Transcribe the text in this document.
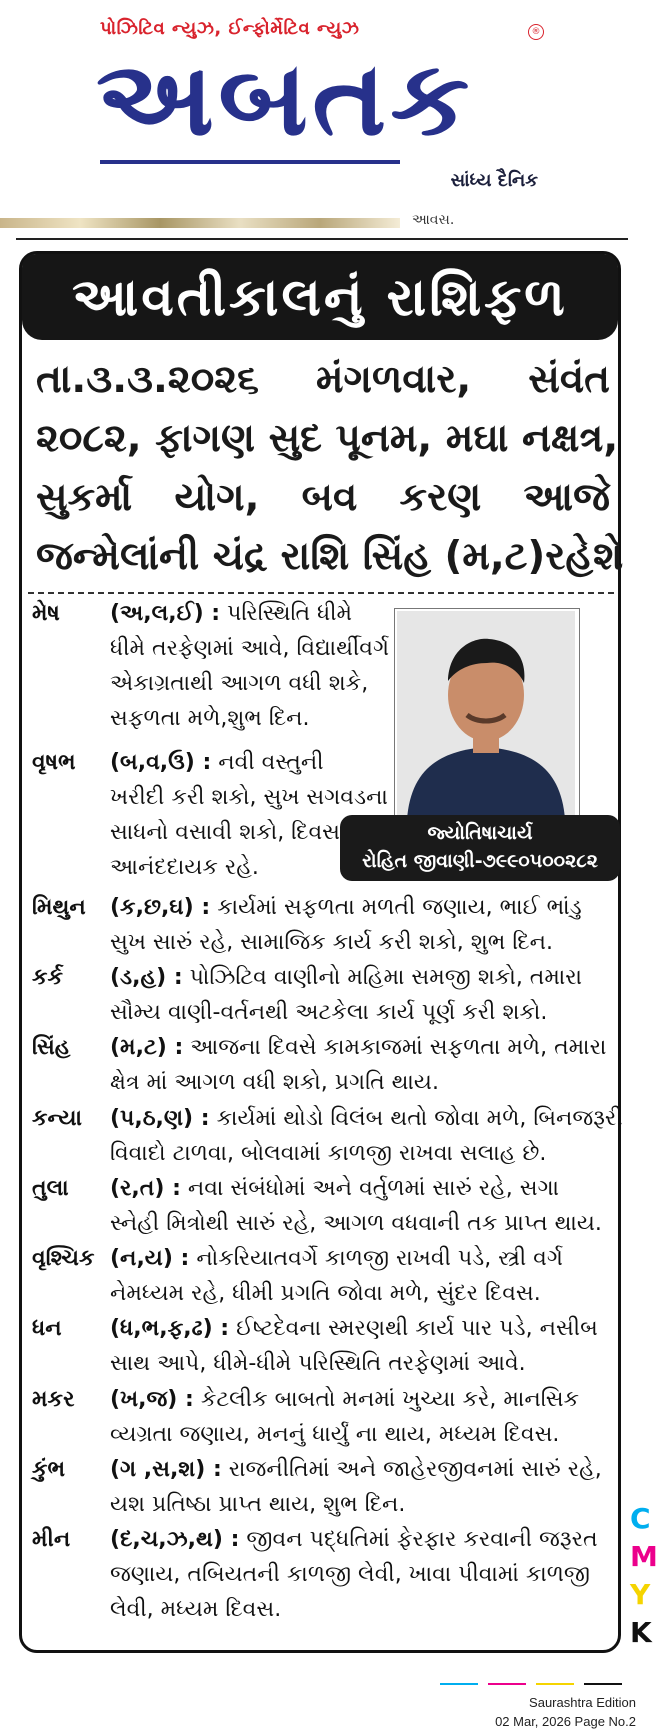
પોઝિટિવ ન્યુઝ, ઈન્ફોર્મેટિવ ન્યુઝ	®
અબતક
સાંધ્ય દૈનિક
આવસ.
આવતીકાલનું રાશિફળ
તા.૩.૩.૨૦૨૬ મંગળવાર, સંવંત
૨૦૮૨, ફાગણ સુદ પૂનમ, મઘા નક્ષત્ર,
સુકર્મા યોગ, બવ કરણ આજે
જન્મેલાંની ચંદ્ર રાશિ સિંહ (મ,ટ)રહેશે
જ્યોતિષાચાર્ય
રોહિત જીવાણી-૭૯૯૦૫૦૦૨૮૨
મેષ (અ,લ,ઈ) : પરિસ્થિતિ ધીમે
ધીમે તરફેણમાં આવે, વિદ્યાર્થીવર્ગ
એકાગ્રતાથી આગળ વધી શકે,
સફળતા મળે,શુભ દિન.
વૃષભ (બ,વ,ઉ) : નવી વસ્તુની
ખરીદી કરી શકો, સુખ સગવડના
સાધનો વસાવી શકો, દિવસ
આનંદદાયક રહે.
મિથુન (ક,છ,ઘ) : કાર્યમાં સફળતા મળતી જણાય, ભાઈ ભાંડુ
સુખ સારું રહે, સામાજિક કાર્ય કરી શકો, શુભ દિન.
કર્ક (ડ,હ) : પોઝિટિવ વાણીનો મહિમા સમજી શકો, તમારા
સૌમ્ય વાણી-વર્તનથી અટકેલા કાર્ય પૂર્ણ કરી શકો.
સિંહ (મ,ટ) : આજના દિવસે કામકાજમાં સફળતા મળે, તમારા
ક્ષેત્ર માં આગળ વધી શકો, પ્રગતિ થાય.
કન્યા (પ,ઠ,ણ) : કાર્યમાં થોડો વિલંબ થતો જોવા મળે, બિનજરૂરી
વિવાદો ટાળવા, બોલવામાં કાળજી રાખવા સલાહ છે.
તુલા (ર,ત) : નવા સંબંધોમાં અને વર્તુળમાં સારું રહે, સગા
સ્નેહી મિત્રોથી સારું રહે, આગળ વધવાની તક પ્રાપ્ત થાય.
વૃશ્ચિક (ન,ય) : નોકરિયાતવર્ગે કાળજી રાખવી પડે, સ્ત્રી વર્ગ
નેમધ્યમ રહે, ધીમી પ્રગતિ જોવા મળે, સુંદર દિવસ.
ધન (ધ,ભ,ફ,ઢ) : ઈષ્ટદેવના સ્મરણથી કાર્ય પાર પડે, નસીબ
સાથ આપે, ધીમે-ધીમે પરિસ્થિતિ તરફેણમાં આવે.
મકર (ખ,જ) : કેટલીક બાબતો મનમાં ખુચ્યા કરે, માનસિક
વ્યગ્રતા જણાય, મનનું ધાર્યું ના થાય, મધ્યમ દિવસ.
કુંભ (ગ ,સ,શ) : રાજનીતિમાં અને જાહેરજીવનમાં સારું રહે,
યશ પ્રતિષ્ઠા પ્રાપ્ત થાય, શુભ દિન.
મીન (દ,ચ,ઝ,થ) : જીવન પદ્ધતિમાં ફેરફાર કરવાની જરૂરત
જણાય, તબિયતની કાળજી લેવી, ખાવા પીવામાં કાળજી
લેવી, મધ્યમ દિવસ.
C
M
Y
K
Saurashtra Edition
02 Mar, 2026 Page No.2
